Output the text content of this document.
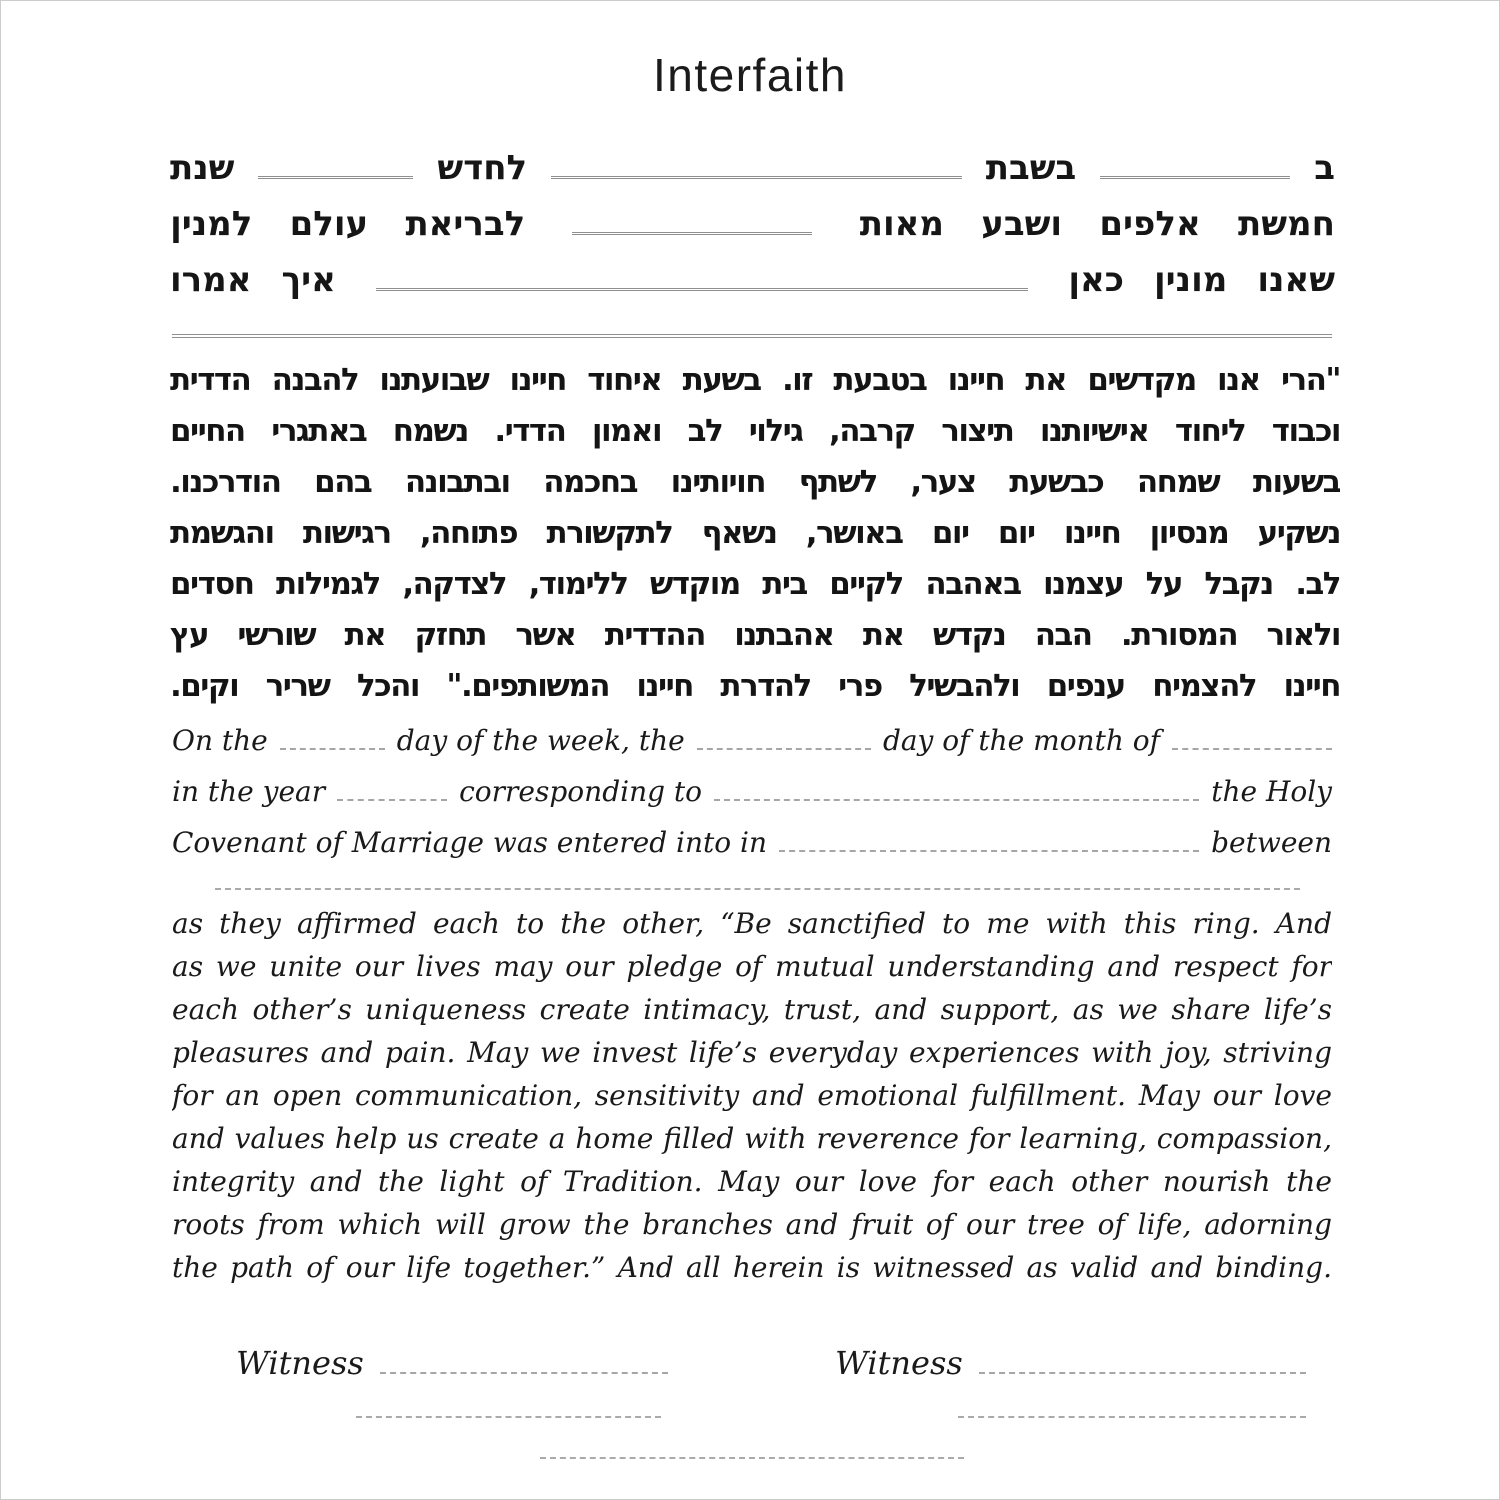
Interfaith
ב
בשבת
לחדש
שנת
חמשת
אלפים
ושבע
מאות
לבריאת
עולם
למנין
שאנו
מונין
כאן
איך
אמרו
"הרי אנו מקדשים את חיינו בטבעת זו. בשעת איחוד חיינו שבועתנו להבנה הדדית
וכבוד ליחוד אישיותנו תיצור קרבה, גילוי לב ואמון הדדי. נשמח באתגרי החיים
בשעות שמחה כבשעת צער, לשתף חויותינו בחכמה ובתבונה בהם הודרכנו.
נשקיע מנסיון חיינו יום יום באושר, נשאף לתקשורת פתוחה, רגישות והגשמת
לב. נקבל על עצמנו באהבה לקיים בית מוקדש ללימוד, לצדקה, לגמילות חסדים
ולאור המסורת. הבה נקדש את אהבתנו ההדדית אשר תחזק את שורשי עץ
חיינו להצמיח ענפים ולהבשיל פרי להדרת חיינו המשותפים." והכל שריר וקים.
On the	day of the week, the	day of the month of
in the year	corresponding to	the Holy
Covenant of Marriage was entered into in	between
as they affirmed each to the other, “Be sanctified to me with this ring. And
as we unite our lives may our pledge of mutual understanding and respect for
each other’s uniqueness create intimacy, trust, and support, as we share life’s
pleasures and pain. May we invest life’s everyday experiences with joy, striving
for an open communication, sensitivity and emotional fulfillment. May our love
and values help us create a home filled with reverence for learning, compassion,
integrity and the light of Tradition. May our love for each other nourish the
roots from which will grow the branches and fruit of our tree of life, adorning
the path of our life together.” And all herein is witnessed as valid and binding.
Witness	Witness
